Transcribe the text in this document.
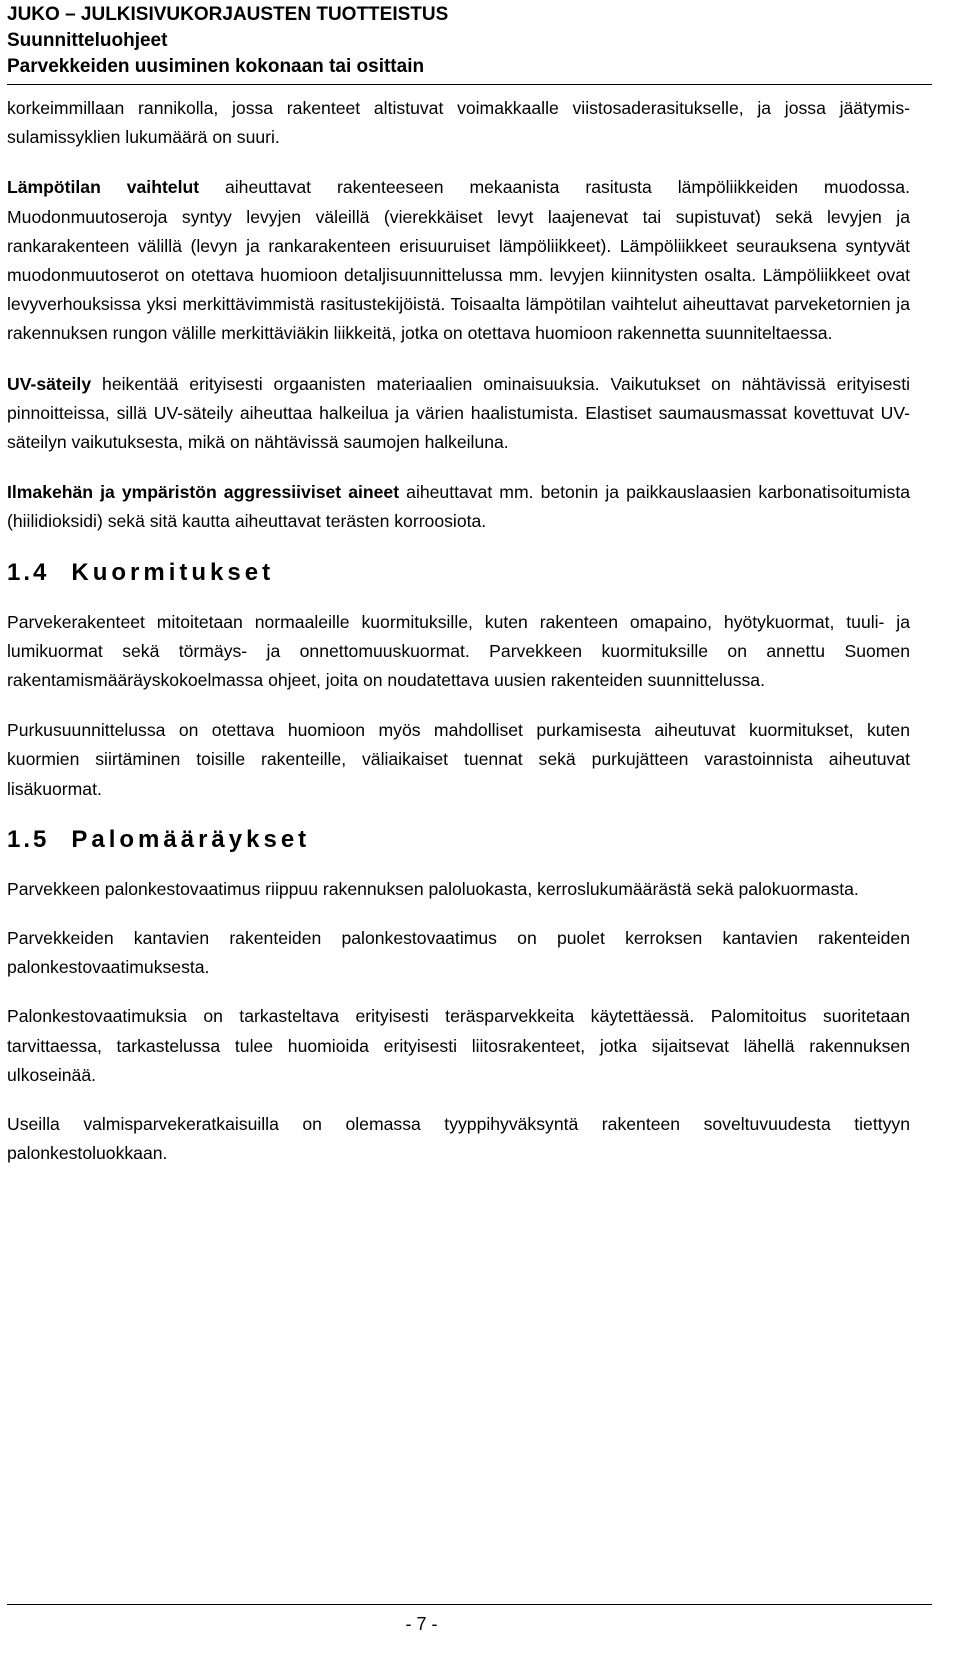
JUKO – JULKISIVUKORJAUSTEN TUOTTEISTUS
Suunnitteluohjeet
Parvekkeiden uusiminen kokonaan tai osittain

korkeimmillaan rannikolla, jossa rakenteet altistuvat voimakkaalle viistosaderasitukselle, ja jossa jäätymis-sulamissyklien lukumäärä on suuri.

Lämpötilan vaihtelut aiheuttavat rakenteeseen mekaanista rasitusta lämpöliikkeiden muodossa. Muodonmuutoseroja syntyy levyjen väleillä (vierekkäiset levyt laajenevat tai supistuvat) sekä levyjen ja rankarakenteen välillä (levyn ja rankarakenteen erisuuruiset lämpöliikkeet). Lämpöliikkeet seurauksena syntyvät muodonmuutoserot on otettava huomioon detaljisuunnittelussa mm. levyjen kiinnitysten osalta. Lämpöliikkeet ovat levyverhouksissa yksi merkittävimmistä rasitustekijöistä. Toisaalta lämpötilan vaihtelut aiheuttavat parveketornien ja rakennuksen rungon välille merkittäviäkin liikkeitä, jotka on otettava huomioon rakennetta suunniteltaessa.

UV-säteily heikentää erityisesti orgaanisten materiaalien ominaisuuksia. Vaikutukset on nähtävissä erityisesti pinnoitteissa, sillä UV-säteily aiheuttaa halkeilua ja värien haalistumista. Elastiset saumausmassat kovettuvat UV-säteilyn vaikutuksesta, mikä on nähtävissä saumojen halkeiluna.

Ilmakehän ja ympäristön aggressiiviset aineet aiheuttavat mm. betonin ja paikkauslaasien karbonatisoitumista (hiilidioksidi) sekä sitä kautta aiheuttavat terästen korroosiota.

1.4 Kuormitukset

Parvekerakenteet mitoitetaan normaaleille kuormituksille, kuten rakenteen omapaino, hyötykuormat, tuuli- ja lumikuormat sekä törmäys- ja onnettomuuskuormat. Parvekkeen kuormituksille on annettu Suomen rakentamismääräyskokoelmassa ohjeet, joita on noudatettava uusien rakenteiden suunnittelussa.

Purkusuunnittelussa on otettava huomioon myös mahdolliset purkamisesta aiheutuvat kuormitukset, kuten kuormien siirtäminen toisille rakenteille, väliaikaiset tuennat sekä purkujätteen varastoinnista aiheutuvat lisäkuormat.

1.5 Palomääräykset

Parvekkeen palonkestovaatimus riippuu rakennuksen paloluokasta, kerroslukumäärästä sekä palokuormasta.

Parvekkeiden kantavien rakenteiden palonkestovaatimus on puolet kerroksen kantavien rakenteiden palonkestovaatimuksesta.

Palonkestovaatimuksia on tarkasteltava erityisesti teräsparvekkeita käytettäessä. Palomitoitus suoritetaan tarvittaessa, tarkastelussa tulee huomioida erityisesti liitosrakenteet, jotka sijaitsevat lähellä rakennuksen ulkoseinää.

Useilla valmisparvekeratkaisuilla on olemassa tyyppihyväksyntä rakenteen soveltuvuudesta tiettyyn palonkestoluokkaan.

- 7 -
